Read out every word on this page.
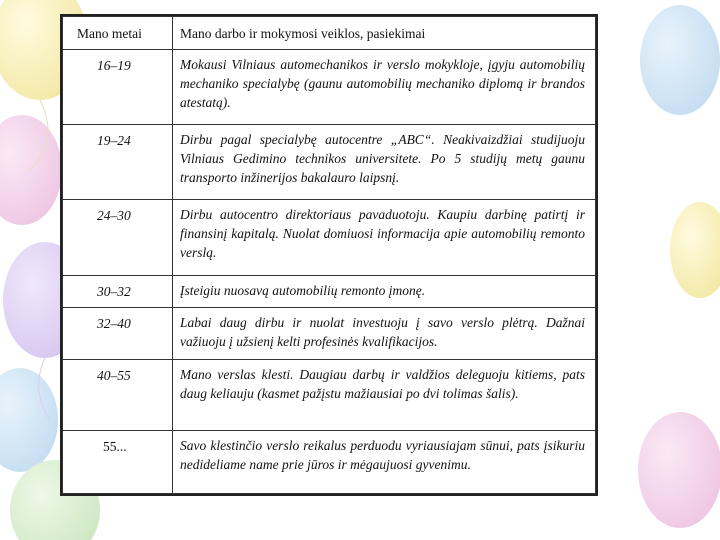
Mano metai	Mano darbo ir mokymosi veiklos, pasiekimai
16–19	Mokausi Vilniaus automechanikos ir verslo mokykloje, įgyju automobilių mechaniko specialybę (gaunu automobilių mechaniko diplomą ir brandos atestatą).
19–24	Dirbu pagal specialybę autocentre „ABC“. Neakivaizdžiai studijuoju Vilniaus Gedimino technikos universitete. Po 5 studijų metų gaunu transporto inžinerijos bakalauro laipsnį.
24–30	Dirbu autocentro direktoriaus pavaduotoju. Kaupiu darbinę patirtį ir finansinį kapitalą. Nuolat domiuosi informacija apie automobilių remonto verslą.
30–32	Įsteigiu nuosavą automobilių remonto įmonę.
32–40	Labai daug dirbu ir nuolat investuoju į savo verslo plėtrą. Dažnai važiuoju į užsienį kelti profesinės kvalifikacijos.
40–55	Mano verslas klesti. Daugiau darbų ir valdžios deleguoju kitiems, pats daug keliauju (kasmet pažįstu mažiausiai po dvi tolimas šalis).
55...	Savo klestinčio verslo reikalus perduodu vyriausiajam sūnui, pats įsikuriu nedideliame name prie jūros ir mėgaujuosi gyvenimu.
